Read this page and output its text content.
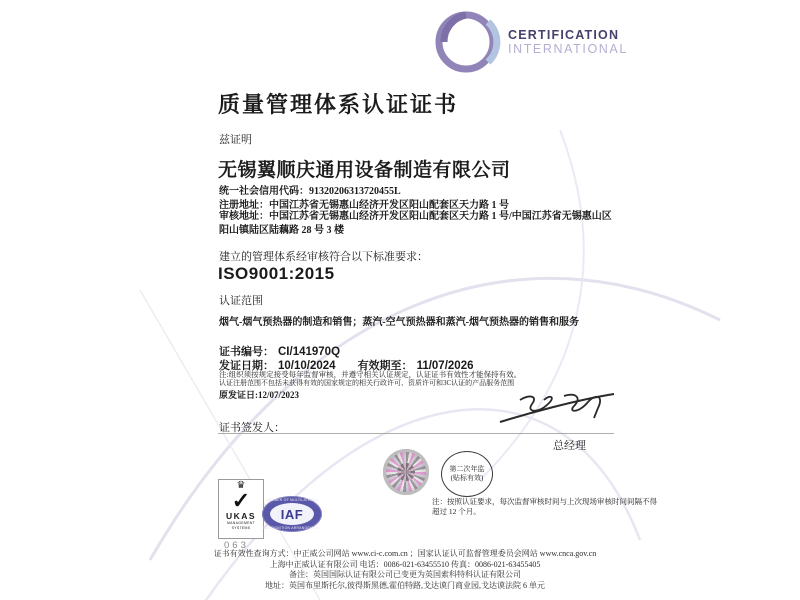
CERTIFICATION
INTERNATIONAL
质量管理体系认证证书
兹证明
无锡翼顺庆通用设备制造有限公司
统一社会信用代码：91320206313720455L
注册地址：中国江苏省无锡惠山经济开发区阳山配套区天力路 1 号
审核地址：中国江苏省无锡惠山经济开发区阳山配套区天力路 1 号/中国江苏省无锡惠山区阳山镇陆区陆藕路 28 号 3 楼
建立的管理体系经审核符合以下标准要求：
ISO9001:2015
认证范围
烟气-烟气预热器的制造和销售；蒸汽-空气预热器和蒸汽-烟气预热器的销售和服务
证书编号： CI/141970Q
发证日期： 10/10/2024 有效期至： 11/07/2026
注:组织须按规定接受每年监督审核，并遵守相关认证规定，认证证书有效性才能保持有效。
认证注册范围不包括未获得有效的国家规定的相关行政许可、资质许可和3C认证的产品服务范围
原发证日:12/07/2023
证书签发人：
总经理
第二次年监
(贴标有效)
注：按照认证要求，每次监督审核时间与上次现场审核时间间隔不得超过 12 个月。
♛
✓
UKAS
MANAGEMENT SYSTEMS
063
MEMBER OF MULTILATERAL
IAF
RECOGNITION ARRANGEMENT
证书有效性查询方式：中正威公司网站 www.ci-c.com.cn ；国家认证认可监督管理委员会网站 www.cnca.gov.cn
上海中正威认证有限公司 电话：0086-021-63455510 传真：0086-021-63455405
备注：英国国际认证有限公司已变更为英国索科特科认证有限公司
地址：英国布里斯托尔,彼得斯黑德,霍伯特路,戈达谟门商业园,戈达谟法院 6 单元
